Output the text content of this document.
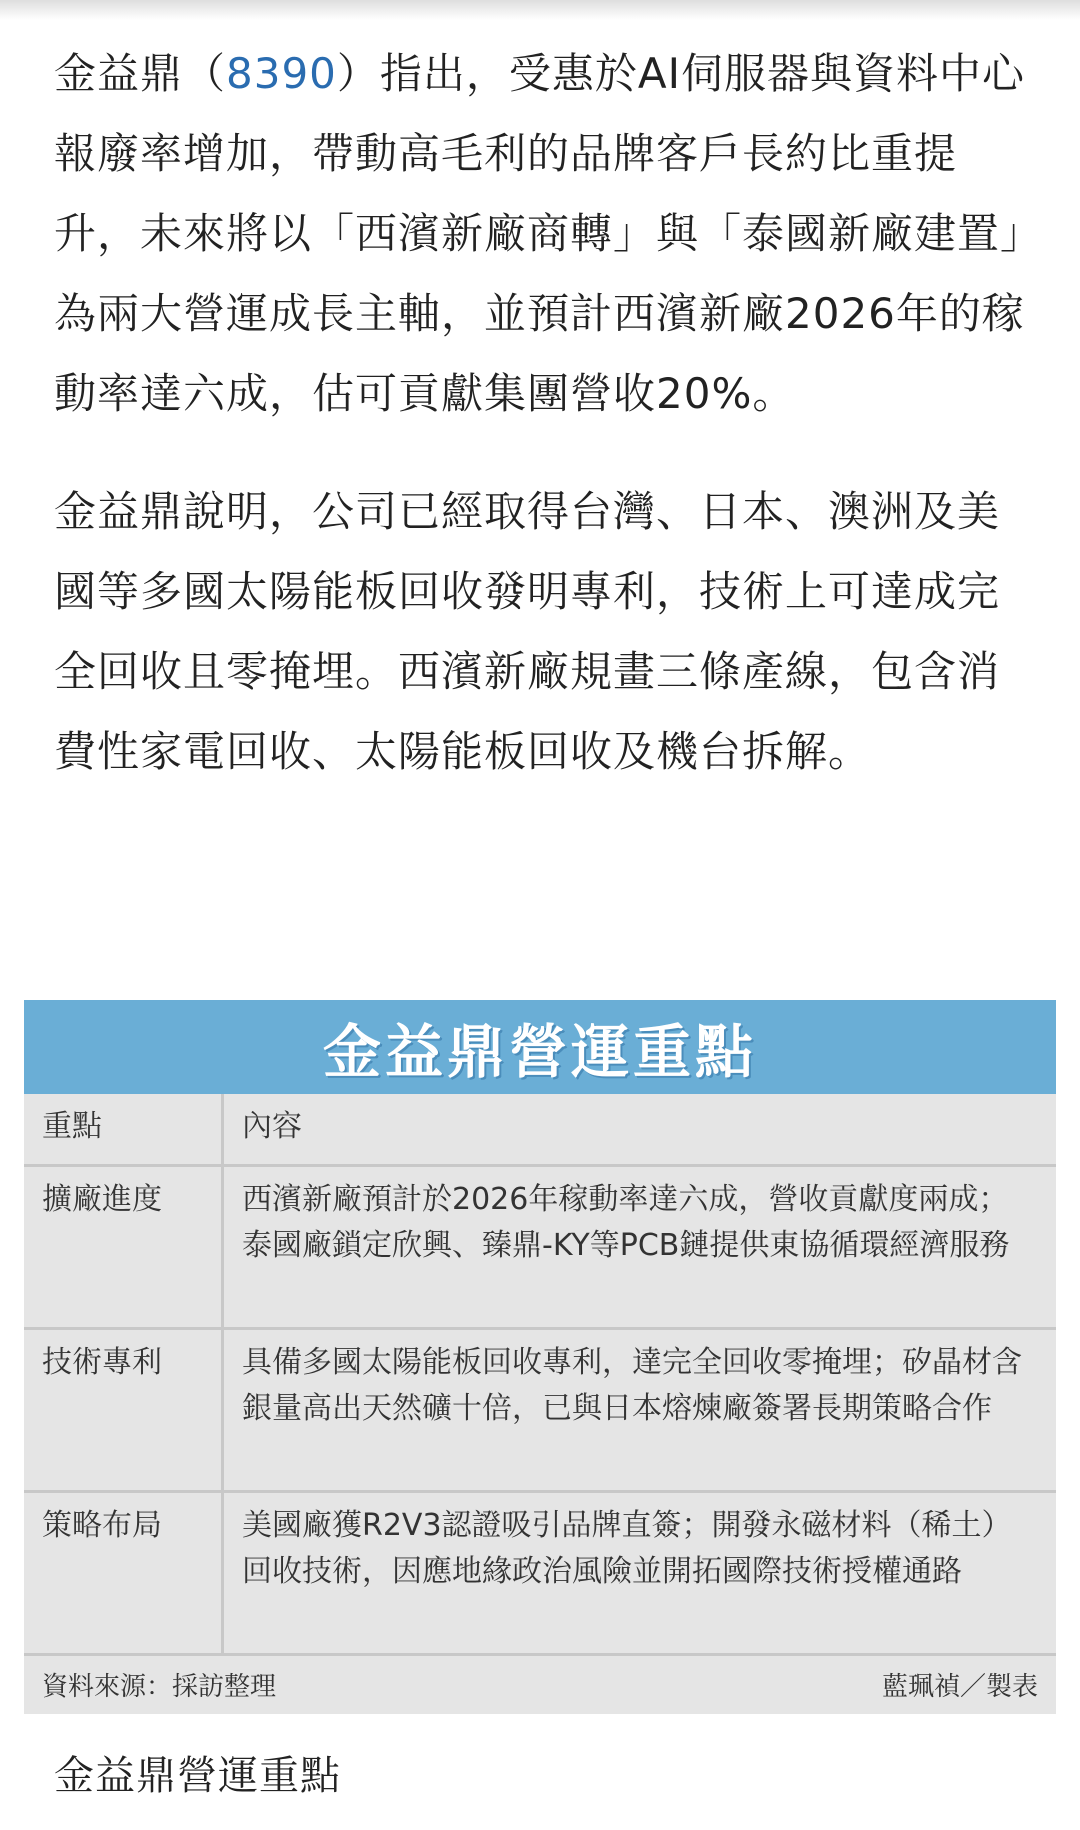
金益鼎（8390）指出，受惠於AI伺服器與資料中心報廢率增加，帶動高毛利的品牌客戶長約比重提升，未來將以「西濱新廠商轉」與「泰國新廠建置」為兩大營運成長主軸，並預計西濱新廠2026年的稼動率達六成，估可貢獻集團營收20%。

金益鼎說明，公司已經取得台灣、日本、澳洲及美國等多國太陽能板回收發明專利，技術上可達成完全回收且零掩埋。西濱新廠規畫三條產線，包含消費性家電回收、太陽能板回收及機台拆解。

金益鼎營運重點
重點	內容
擴廠進度	西濱新廠預計於2026年稼動率達六成，營收貢獻度兩成；泰國廠鎖定欣興、臻鼎-KY等PCB鏈提供東協循環經濟服務
技術專利	具備多國太陽能板回收專利，達完全回收零掩埋；矽晶材含銀量高出天然礦十倍，已與日本熔煉廠簽署長期策略合作
策略布局	美國廠獲R2V3認證吸引品牌直簽；開發永磁材料（稀土）回收技術，因應地緣政治風險並開拓國際技術授權通路
資料來源：採訪整理	藍珮禎／製表
金益鼎營運重點
